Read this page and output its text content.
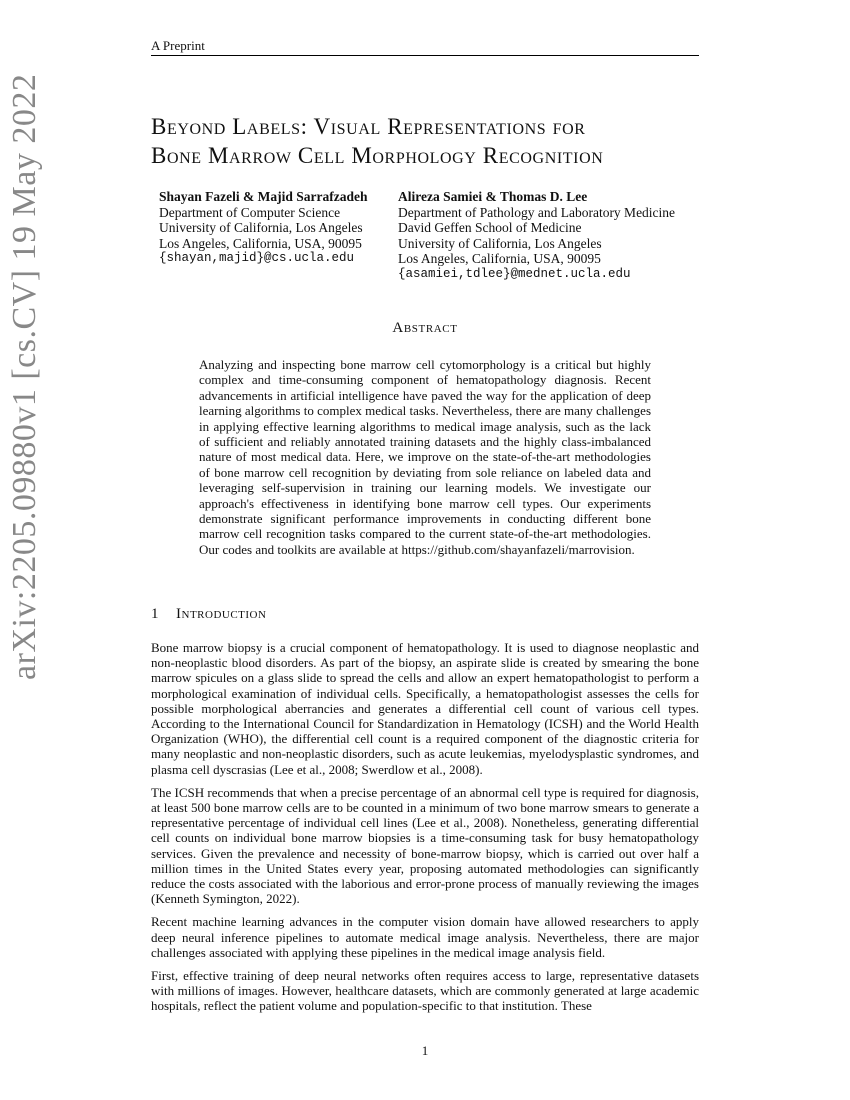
A Preprint
arXiv:2205.09880v1 [cs.CV] 19 May 2022	Beyond Labels: Visual Representations for
Bone Marrow Cell Morphology Recognition
Shayan Fazeli & Majid Sarrafzadeh
Department of Computer Science
University of California, Los Angeles
Los Angeles, California, USA, 90095
{shayan,majid}@cs.ucla.edu
Alireza Samiei & Thomas D. Lee
Department of Pathology and Laboratory Medicine
David Geffen School of Medicine
University of California, Los Angeles
Los Angeles, California, USA, 90095
{asamiei,tdlee}@mednet.ucla.edu
Abstract
Analyzing and inspecting bone marrow cell cytomorphology is a critical but highly complex and time-consuming component of hematopathology diagnosis. Recent advancements in artificial intelligence have paved the way for the application of deep learning algorithms to complex medical tasks. Nevertheless, there are many challenges in applying effective learning algorithms to medical image analysis, such as the lack of sufficient and reliably annotated training datasets and the highly class-imbalanced nature of most medical data. Here, we improve on the state-of-the-art methodologies of bone marrow cell recognition by deviating from sole reliance on labeled data and leveraging self-supervision in training our learning models. We investigate our approach's effectiveness in identifying bone marrow cell types. Our experiments demonstrate significant performance improvements in conducting different bone marrow cell recognition tasks compared to the current state-of-the-art methodologies. Our codes and toolkits are available at https://github.com/shayanfazeli/marrovision.
1 Introduction

Bone marrow biopsy is a crucial component of hematopathology. It is used to diagnose neoplastic and non-neoplastic blood disorders. As part of the biopsy, an aspirate slide is created by smearing the bone marrow spicules on a glass slide to spread the cells and allow an expert hematopathologist to perform a morphological examination of individual cells. Specifically, a hematopathologist assesses the cells for possible morphological aberrancies and generates a differential cell count of various cell types. According to the International Council for Standardization in Hematology (ICSH) and the World Health Organization (WHO), the differential cell count is a required component of the diagnostic criteria for many neoplastic and non-neoplastic disorders, such as acute leukemias, myelodysplastic syndromes, and plasma cell dyscrasias (Lee et al., 2008; Swerdlow et al., 2008).

The ICSH recommends that when a precise percentage of an abnormal cell type is required for diagnosis, at least 500 bone marrow cells are to be counted in a minimum of two bone marrow smears to generate a representative percentage of individual cell lines (Lee et al., 2008). Nonetheless, generating differential cell counts on individual bone marrow biopsies is a time-consuming task for busy hematopathology services. Given the prevalence and necessity of bone-marrow biopsy, which is carried out over half a million times in the United States every year, proposing automated methodologies can significantly reduce the costs associated with the laborious and error-prone process of manually reviewing the images (Kenneth Symington, 2022).

Recent machine learning advances in the computer vision domain have allowed researchers to apply deep neural inference pipelines to automate medical image analysis. Nevertheless, there are major challenges associated with applying these pipelines in the medical image analysis field.

First, effective training of deep neural networks often requires access to large, representative datasets with millions of images. However, healthcare datasets, which are commonly generated at large academic hospitals, reflect the patient volume and population-specific to that institution. These

1
